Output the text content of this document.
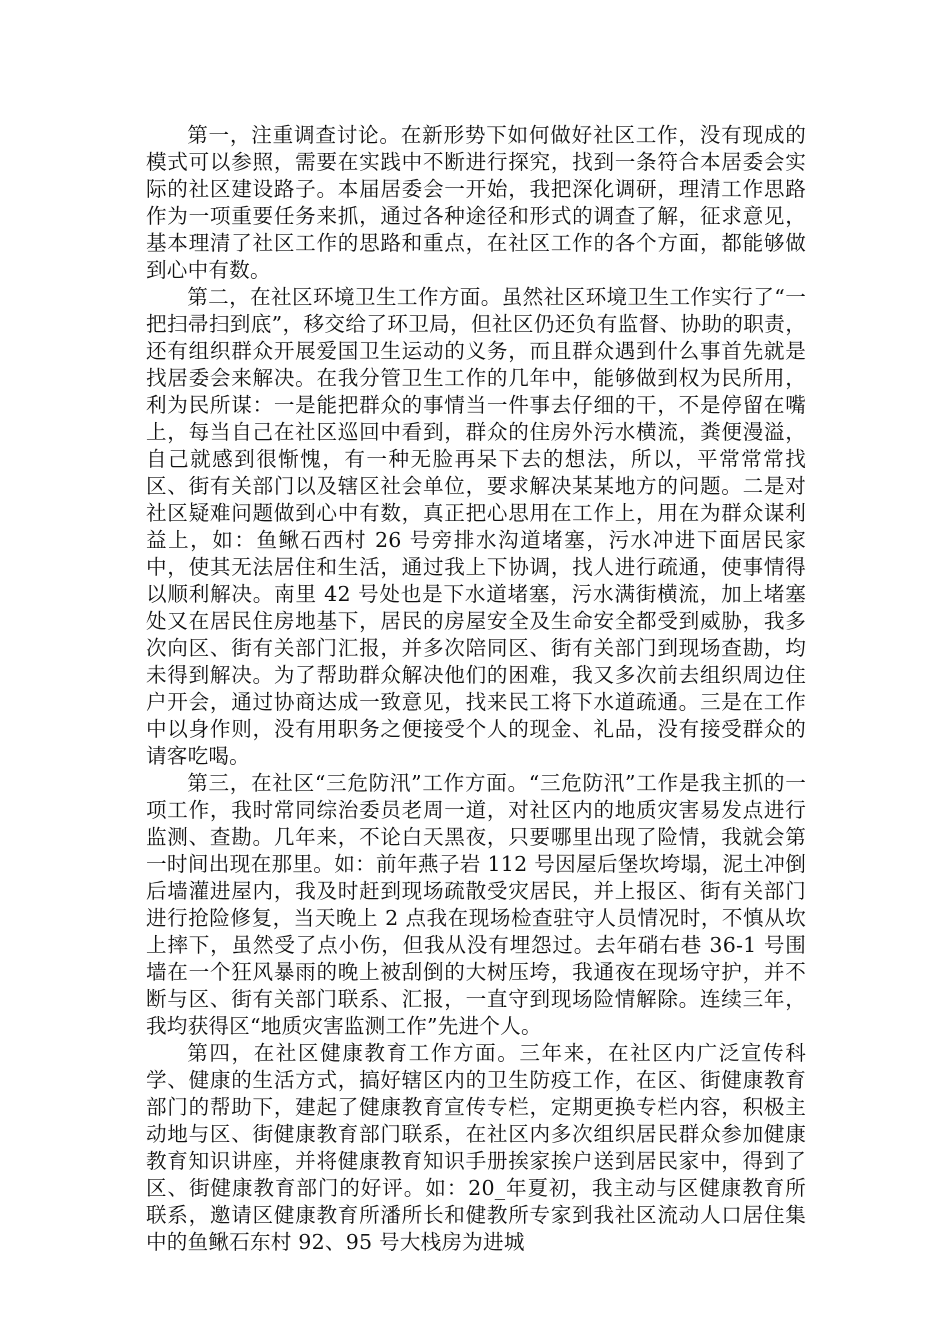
第一，注重调查讨论。在新形势下如何做好社区工作，没有现成的模式可以参照，需要在实践中不断进行探究，找到一条符合本居委会实际的社区建设路子。本届居委会一开始，我把深化调研，理清工作思路作为一项重要任务来抓，通过各种途径和形式的调查了解，征求意见，基本理清了社区工作的思路和重点，在社区工作的各个方面，都能够做到心中有数。

第二，在社区环境卫生工作方面。虽然社区环境卫生工作实行了“一把扫帚扫到底”，移交给了环卫局，但社区仍还负有监督、协助的职责，还有组织群众开展爱国卫生运动的义务，而且群众遇到什么事首先就是找居委会来解决。在我分管卫生工作的几年中，能够做到权为民所用，利为民所谋：一是能把群众的事情当一件事去仔细的干，不是停留在嘴上，每当自己在社区巡回中看到，群众的住房外污水横流，粪便漫溢，自己就感到很惭愧，有一种无脸再呆下去的想法，所以，平常常常找区、街有关部门以及辖区社会单位，要求解决某某地方的问题。二是对社区疑难问题做到心中有数，真正把心思用在工作上，用在为群众谋利益上，如：鱼鳅石西村 26 号旁排水沟道堵塞，污水冲进下面居民家中，使其无法居住和生活，通过我上下协调，找人进行疏通，使事情得以顺利解决。南里 42 号处也是下水道堵塞，污水满街横流，加上堵塞处又在居民住房地基下，居民的房屋安全及生命安全都受到威胁，我多次向区、街有关部门汇报，并多次陪同区、街有关部门到现场查勘，均未得到解决。为了帮助群众解决他们的困难，我又多次前去组织周边住户开会，通过协商达成一致意见，找来民工将下水道疏通。三是在工作中以身作则，没有用职务之便接受个人的现金、礼品，没有接受群众的请客吃喝。

第三，在社区“三危防汛”工作方面。“三危防汛”工作是我主抓的一项工作，我时常同综治委员老周一道，对社区内的地质灾害易发点进行监测、查勘。几年来，不论白天黑夜，只要哪里出现了险情，我就会第一时间出现在那里。如：前年燕子岩 112 号因屋后堡坎垮塌，泥土冲倒后墙灌进屋内，我及时赶到现场疏散受灾居民，并上报区、街有关部门进行抢险修复，当天晚上 2 点我在现场检查驻守人员情况时，不慎从坎上摔下，虽然受了点小伤，但我从没有埋怨过。去年硝右巷 36-1 号围墙在一个狂风暴雨的晚上被刮倒的大树压垮，我通夜在现场守护，并不断与区、街有关部门联系、汇报，一直守到现场险情解除。连续三年，我均获得区“地质灾害监测工作”先进个人。

第四，在社区健康教育工作方面。三年来，在社区内广泛宣传科学、健康的生活方式，搞好辖区内的卫生防疫工作，在区、街健康教育部门的帮助下，建起了健康教育宣传专栏，定期更换专栏内容，积极主动地与区、街健康教育部门联系，在社区内多次组织居民群众参加健康教育知识讲座，并将健康教育知识手册挨家挨户送到居民家中，得到了区、街健康教育部门的好评。如：20_年夏初，我主动与区健康教育所联系，邀请区健康教育所潘所长和健教所专家到我社区流动人口居住集中的鱼鳅石东村 92、95 号大栈房为进城
